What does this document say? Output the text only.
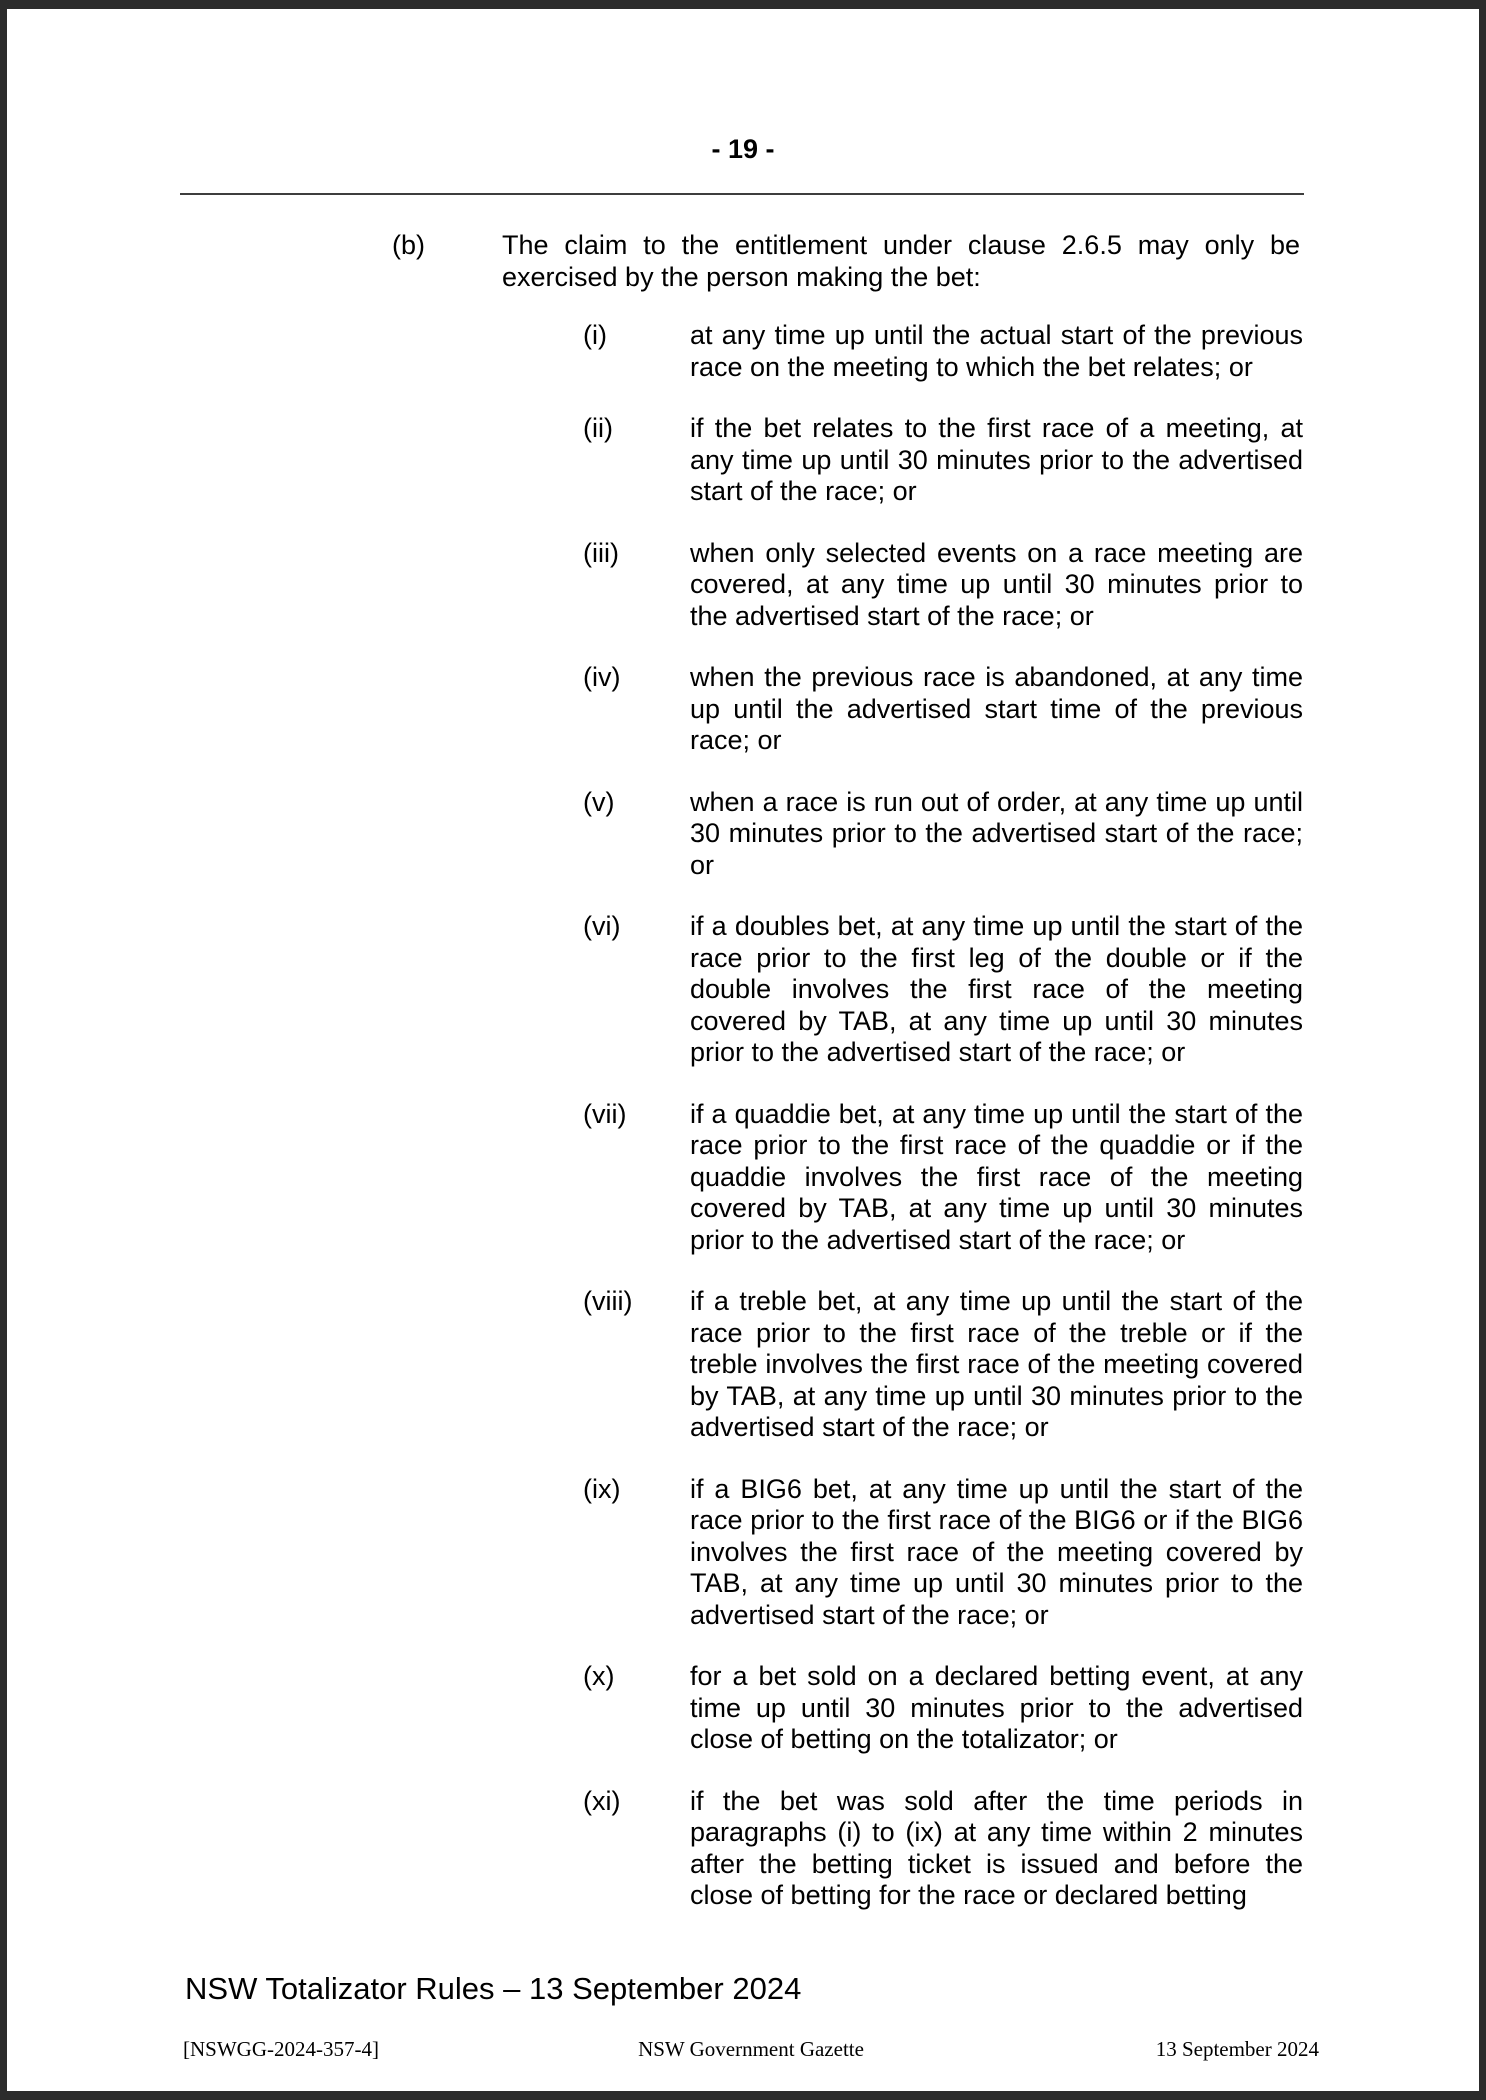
- 19 -
(b)	The claim to the entitlement under clause 2.6.5 may only be exercised by the person making the bet:
(i)	at any time up until the actual start of the previous race on the meeting to which the bet relates; or
(ii)	if the bet relates to the first race of a meeting, at any time up until 30 minutes prior to the advertised start of the race; or
(iii)	when only selected events on a race meeting are covered, at any time up until 30 minutes prior to the advertised start of the race; or
(iv)	when the previous race is abandoned, at any time up until the advertised start time of the previous race; or
(v)	when a race is run out of order, at any time up until 30 minutes prior to the advertised start of the race; or
(vi)	if a doubles bet, at any time up until the start of the race prior to the first leg of the double or if the double involves the first race of the meeting covered by TAB, at any time up until 30 minutes prior to the advertised start of the race; or
(vii) if a quaddie bet, at any time up until the start of the race prior to the first race of the quaddie or if the quaddie involves the first race of the meeting covered by TAB, at any time up until 30 minutes prior to the advertised start of the race; or
(viii) if a treble bet, at any time up until the start of the race prior to the first race of the treble or if the treble involves the first race of the meeting covered by TAB, at any time up until 30 minutes prior to the advertised start of the race; or
(ix)	if a BIG6 bet, at any time up until the start of the race prior to the first race of the BIG6 or if the BIG6 involves the first race of the meeting covered by TAB, at any time up until 30 minutes prior to the advertised start of the race; or
(x)	for a bet sold on a declared betting event, at any time up until 30 minutes prior to the advertised close of betting on the totalizator; or
(xi)	if the bet was sold after the time periods in paragraphs (i) to (ix) at any time within 2 minutes after the betting ticket is issued and before the close of betting for the race or declared betting
NSW Totalizator Rules – 13 September 2024
[NSWGG-2024-357-4]	NSW Government Gazette	13 September 2024
